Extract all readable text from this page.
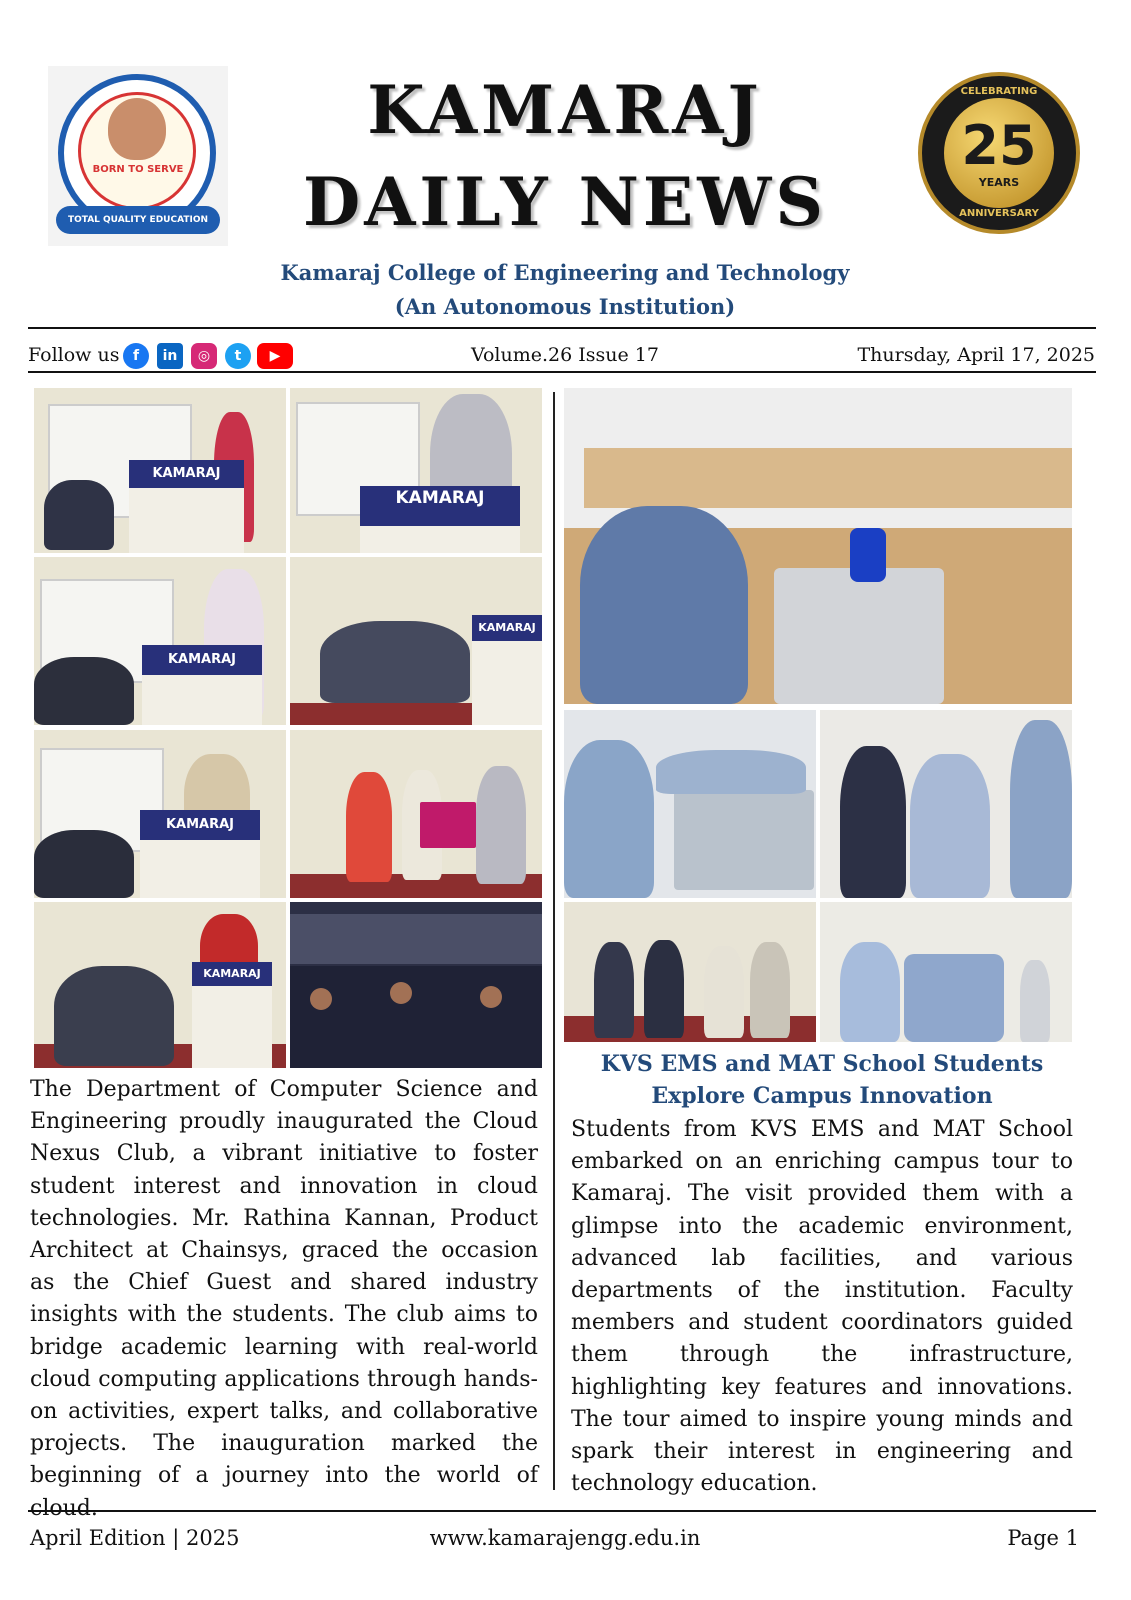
BORN TO SERVE
TOTAL QUALITY EDUCATION
KAMARAJ
DAILY NEWS
Kamaraj College of Engineering and Technology
(An Autonomous Institution)
CELEBRATING
25
YEARS
ANNIVERSARY
Follow us f	in	◎	t	▶	Volume.26 Issue 17	Thursday, April 17, 2025
KAMARAJ
KAMARAJ
KAMARAJ
KAMARAJ
KAMARAJ
KAMARAJ
The Department of Computer Science and Engineering proudly inaugurated the Cloud Nexus Club, a vibrant initiative to foster student interest and innovation in cloud technologies. Mr. Rathina Kannan, Product Architect at Chainsys, graced the occasion as the Chief Guest and shared industry insights with the students. The club aims to bridge academic learning with real-world cloud computing applications through hands-on activities, expert talks, and collaborative projects. The inauguration marked the beginning of a journey into the world of cloud.
KVS EMS and MAT School Students
Explore Campus Innovation
Students from KVS EMS and MAT School embarked on an enriching campus tour to Kamaraj. The visit provided them with a glimpse into the academic environment, advanced lab facilities, and various departments of the institution. Faculty members and student coordinators guided them through the infrastructure, highlighting key features and innovations. The tour aimed to inspire young minds and spark their interest in engineering and technology education.
April Edition | 2025	www.kamarajengg.edu.in	Page 1
